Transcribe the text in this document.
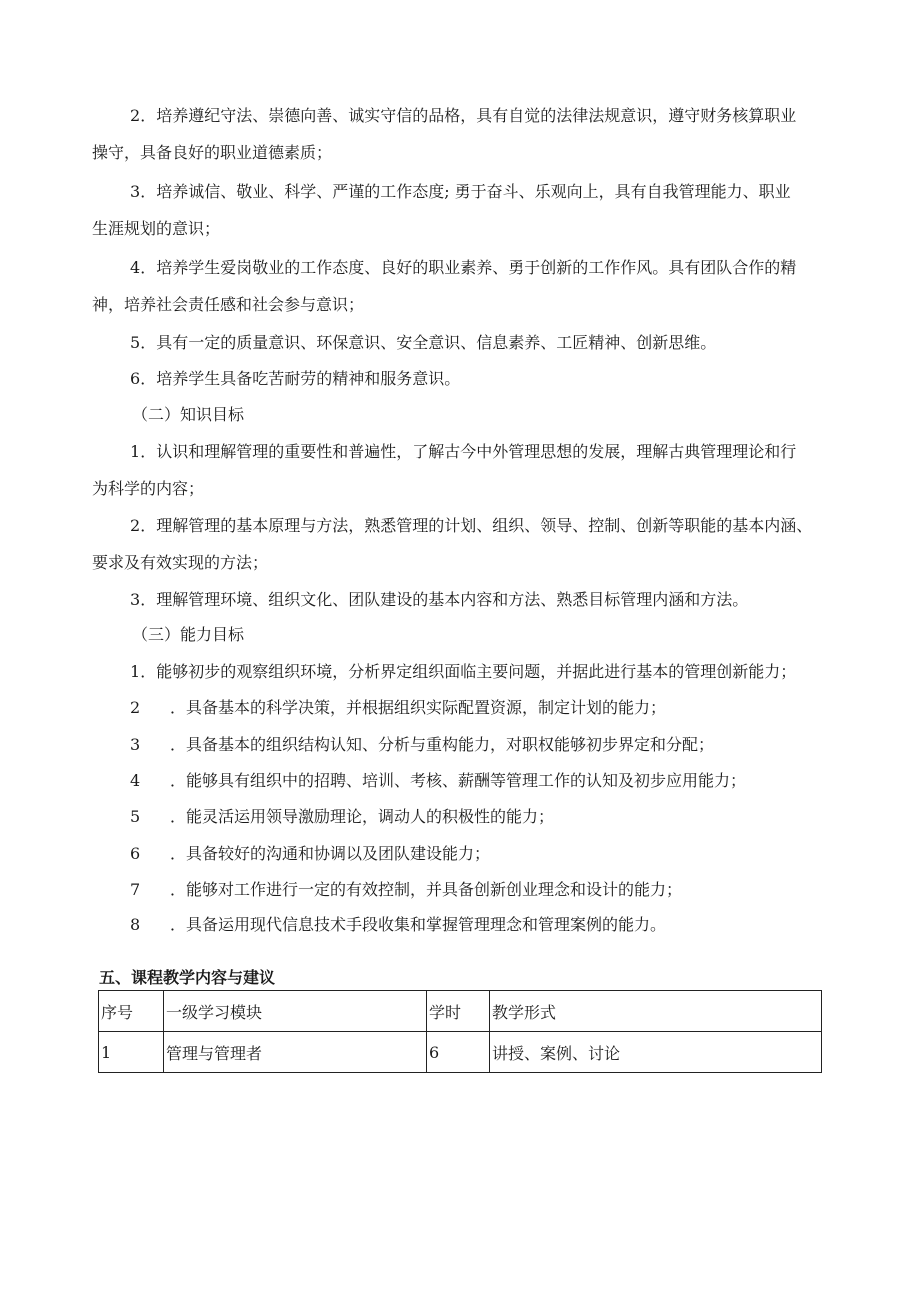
2．培养遵纪守法、崇德向善、诚实守信的品格，具有自觉的法律法规意识，遵守财务核算职业
操守，具备良好的职业道德素质；
3．培养诚信、敬业、科学、严谨的工作态度; 勇于奋斗、乐观向上，具有自我管理能力、职业
生涯规划的意识；
4．培养学生爱岗敬业的工作态度、良好的职业素养、勇于创新的工作作风。具有团队合作的精
神，培养社会责任感和社会参与意识；
5．具有一定的质量意识、环保意识、安全意识、信息素养、工匠精神、创新思维。
6．培养学生具备吃苦耐劳的精神和服务意识。
（二）知识目标
1．认识和理解管理的重要性和普遍性，了解古今中外管理思想的发展，理解古典管理理论和行
为科学的内容；
2．理解管理的基本原理与方法，熟悉管理的计划、组织、领导、控制、创新等职能的基本内涵、
要求及有效实现的方法；
3．理解管理环境、组织文化、团队建设的基本内容和方法、熟悉目标管理内涵和方法。
（三）能力目标
1．能够初步的观察组织环境，分析界定组织面临主要问题，并据此进行基本的管理创新能力；
2 ．具备基本的科学决策，并根据组织实际配置资源，制定计划的能力；
3 ．具备基本的组织结构认知、分析与重构能力，对职权能够初步界定和分配；
4 ．能够具有组织中的招聘、培训、考核、薪酬等管理工作的认知及初步应用能力；
5 ．能灵活运用领导激励理论，调动人的积极性的能力；
6 ．具备较好的沟通和协调以及团队建设能力；
7 ．能够对工作进行一定的有效控制，并具备创新创业理念和设计的能力；
8 ．具备运用现代信息技术手段收集和掌握管理理念和管理案例的能力。
五、课程教学内容与建议
序号	一级学习模块	学时	教学形式
1	管理与管理者	6	讲授、案例、讨论
